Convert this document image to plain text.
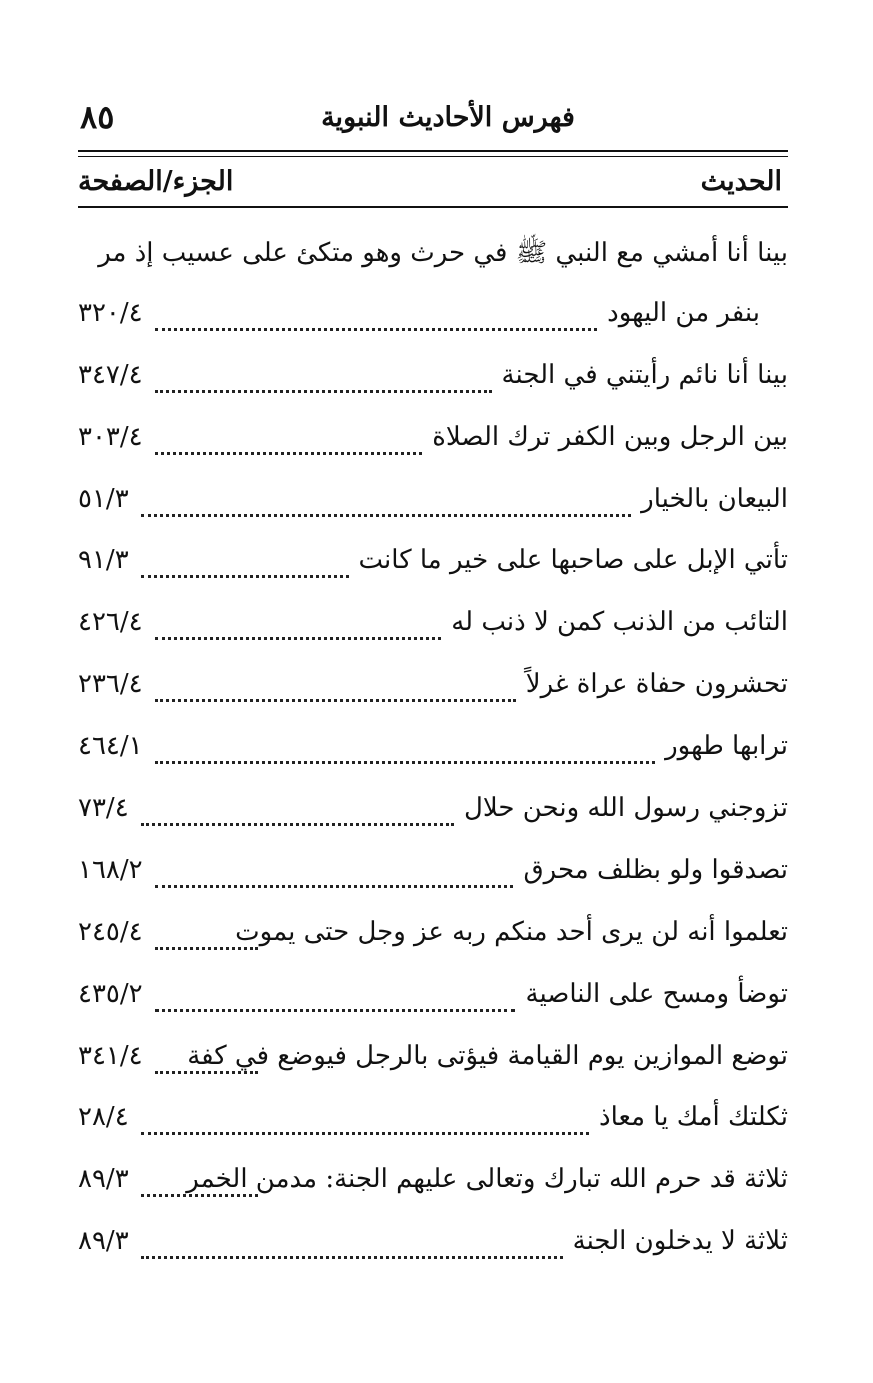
٨٥	فهرس الأحاديث النبوية
الحديث
الجزء/الصفحة
بينا أنا أمشي مع النبي ﷺ في حرث وهو متكئ على عسيب إذ مر
بنفر من اليهود
٣٢٠/٤
بينا أنا نائم رأيتني في الجنة
٣٤٧/٤
بين الرجل وبين الكفر ترك الصلاة
٣٠٣/٤
البيعان بالخيار
٥١/٣
تأتي الإبل على صاحبها على خير ما كانت
٩١/٣
التائب من الذنب كمن لا ذنب له
٤٢٦/٤
تحشرون حفاة عراة غرلاً
٢٣٦/٤
ترابها طهور
٤٦٤/١
تزوجني رسول الله ونحن حلال
٧٣/٤
تصدقوا ولو بظلف محرق
١٦٨/٢
تعلموا أنه لن يرى أحد منكم ربه عز وجل حتى يموت
٢٤٥/٤
توضأ ومسح على الناصية
٤٣٥/٢
توضع الموازين يوم القيامة فيؤتى بالرجل فيوضع في كفة
٣٤١/٤
ثكلتك أمك يا معاذ
٢٨/٤
ثلاثة قد حرم الله تبارك وتعالى عليهم الجنة: مدمن الخمر
٨٩/٣
ثلاثة لا يدخلون الجنة
٨٩/٣
